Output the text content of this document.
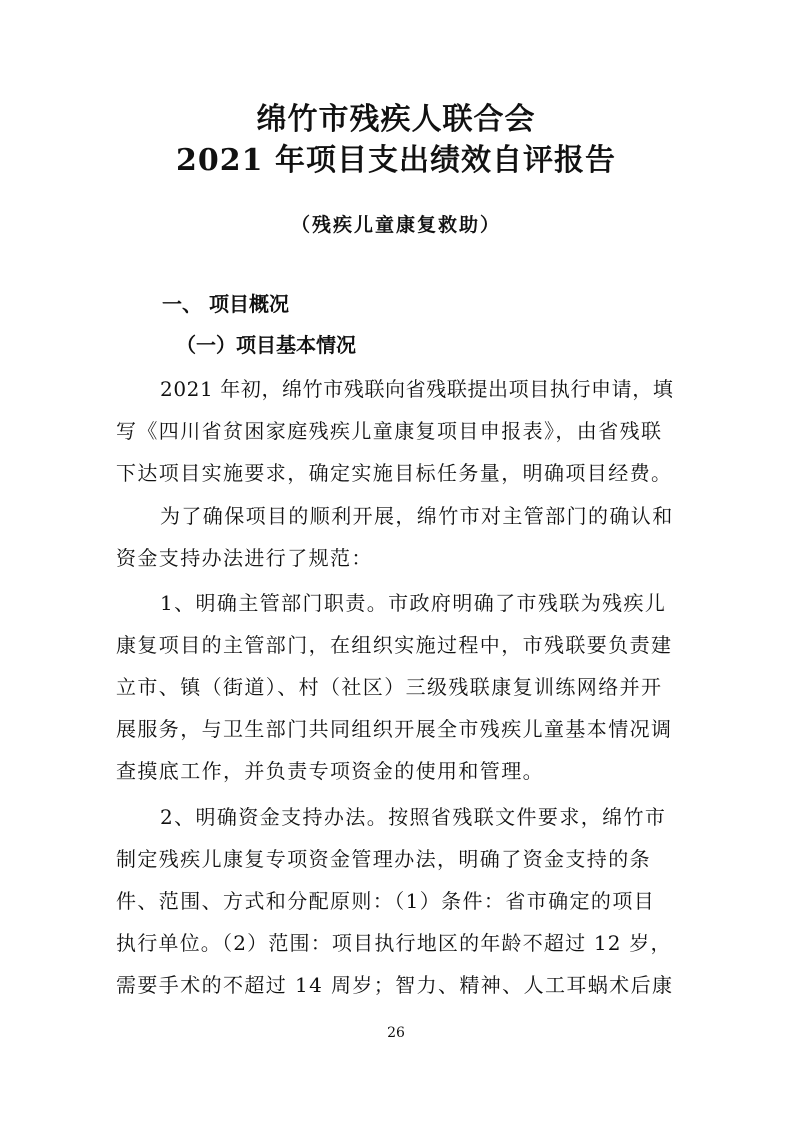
绵竹市残疾人联合会
2021 年项目支出绩效自评报告
（残疾儿童康复救助）
一、 项目概况
（一）项目基本情况
2021 年初，绵竹市残联向省残联提出项目执行申请，填
写《四川省贫困家庭残疾儿童康复项目申报表》，由省残联
下达项目实施要求，确定实施目标任务量，明确项目经费。
为了确保项目的顺利开展，绵竹市对主管部门的确认和
资金支持办法进行了规范：
1、明确主管部门职责。市政府明确了市残联为残疾儿
康复项目的主管部门，在组织实施过程中，市残联要负责建
立市、镇（街道）、村（社区）三级残联康复训练网络并开
展服务，与卫生部门共同组织开展全市残疾儿童基本情况调
查摸底工作，并负责专项资金的使用和管理。
2、明确资金支持办法。按照省残联文件要求，绵竹市
制定残疾儿康复专项资金管理办法，明确了资金支持的条
件、范围、方式和分配原则：（1）条件：省市确定的项目
执行单位。（2）范围：项目执行地区的年龄不超过 12 岁，
需要手术的不超过 14 周岁；智力、精神、人工耳蜗术后康
26
